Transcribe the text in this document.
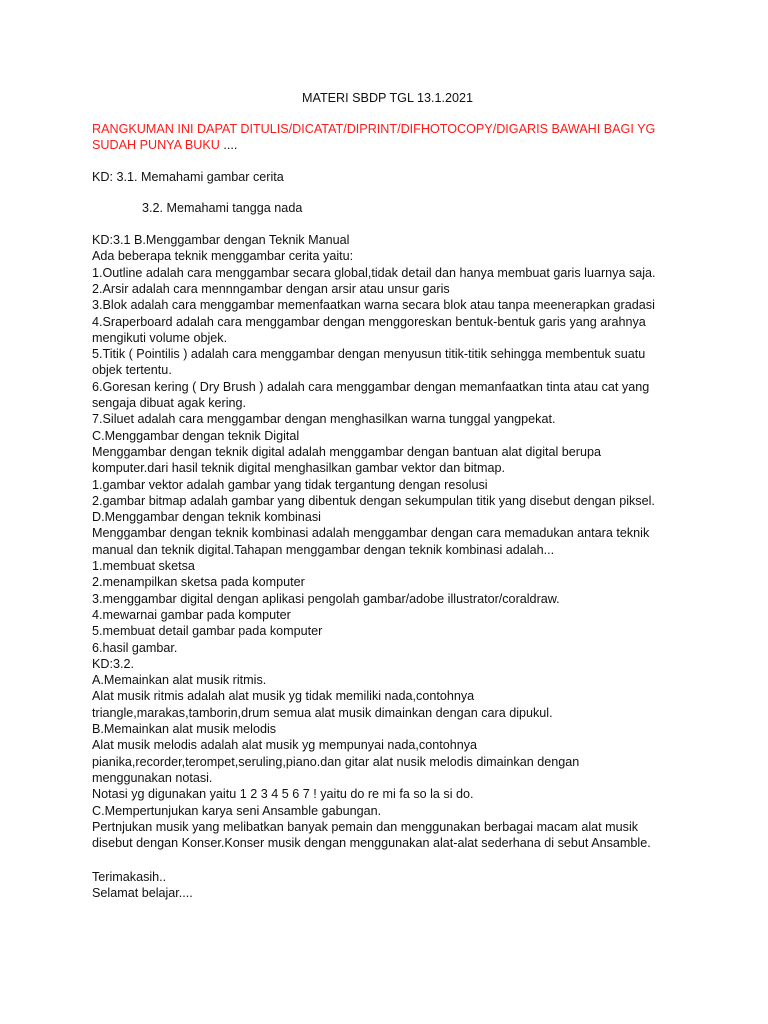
MATERI SBDP TGL 13.1.2021
RANGKUMAN INI DAPAT DITULIS/DICATAT/DIPRINT/DIFHOTOCOPY/DIGARIS BAWAHI BAGI YG
SUDAH PUNYA BUKU ....
KD: 3.1. Memahami gambar cerita
3.2. Memahami tangga nada
KD:3.1 B.Menggambar dengan Teknik Manual
Ada beberapa teknik menggambar cerita yaitu:
1.Outline adalah cara menggambar secara global,tidak detail dan hanya membuat garis luarnya saja.
2.Arsir adalah cara mennngambar dengan arsir atau unsur garis
3.Blok adalah cara menggambar memenfaatkan warna secara blok atau tanpa meenerapkan gradasi
4.Sraperboard adalah cara menggambar dengan menggoreskan bentuk-bentuk garis yang arahnya
mengikuti volume objek.
5.Titik ( Pointilis ) adalah cara menggambar dengan menyusun titik-titik sehingga membentuk suatu
objek tertentu.
6.Goresan kering ( Dry Brush ) adalah cara menggambar dengan memanfaatkan tinta atau cat yang
sengaja dibuat agak kering.
7.Siluet adalah cara menggambar dengan menghasilkan warna tunggal yangpekat.
C.Menggambar dengan teknik Digital
Menggambar dengan teknik digital adalah menggambar dengan bantuan alat digital berupa
komputer.dari hasil teknik digital menghasilkan gambar vektor dan bitmap.
1.gambar vektor adalah gambar yang tidak tergantung dengan resolusi
2.gambar bitmap adalah gambar yang dibentuk dengan sekumpulan titik yang disebut dengan piksel.
D.Menggambar dengan teknik kombinasi
Menggambar dengan teknik kombinasi adalah menggambar dengan cara memadukan antara teknik
manual dan teknik digital.Tahapan menggambar dengan teknik kombinasi adalah...
1.membuat sketsa
2.menampilkan sketsa pada komputer
3.menggambar digital dengan aplikasi pengolah gambar/adobe illustrator/coraldraw.
4.mewarnai gambar pada komputer
5.membuat detail gambar pada komputer
6.hasil gambar.
KD:3.2.
A.Memainkan alat musik ritmis.
Alat musik ritmis adalah alat musik yg tidak memiliki nada,contohnya
triangle,marakas,tamborin,drum semua alat musik dimainkan dengan cara dipukul.
B.Memainkan alat musik melodis
Alat musik melodis adalah alat musik yg mempunyai nada,contohnya
pianika,recorder,terompet,seruling,piano.dan gitar alat nusik melodis dimainkan dengan
menggunakan notasi.
Notasi yg digunakan yaitu 1 2 3 4 5 6 7 ! yaitu do re mi fa so la si do.
C.Mempertunjukan karya seni Ansamble gabungan.
Pertnjukan musik yang melibatkan banyak pemain dan menggunakan berbagai macam alat musik
disebut dengan Konser.Konser musik dengan menggunakan alat-alat sederhana di sebut Ansamble.
Terimakasih..
Selamat belajar....
